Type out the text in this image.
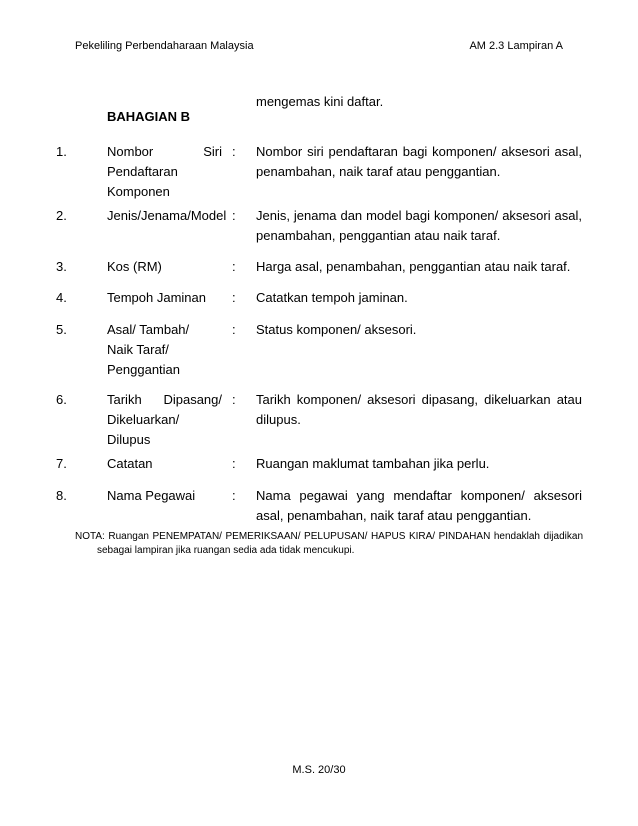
Pekeliling Perbendaharaan Malaysia	AM 2.3 Lampiran A
mengemas kini daftar.
BAHAGIAN B
1.	Nombor Siri
Pendaftaran
Komponen
: Nombor siri pendaftaran bagi komponen/ aksesori asal, penambahan, naik taraf atau penggantian.
2.	Jenis/Jenama/Model : Jenis, jenama dan model bagi komponen/ aksesori asal, penambahan, penggantian atau naik taraf.
3.	Kos (RM)	: Harga asal, penambahan, penggantian atau naik taraf.
4.	Tempoh Jaminan	: Catatkan tempoh jaminan.
5.	Asal/ Tambah/
Naik Taraf/
Penggantian
: Status komponen/ aksesori.
6.	Tarikh Dipasang/
Dikeluarkan/ Dilupus
: Tarikh komponen/ aksesori dipasang, dikeluarkan atau dilupus.
7.	Catatan	: Ruangan maklumat tambahan jika perlu.
8.	Nama Pegawai	: Nama pegawai yang mendaftar komponen/ aksesori asal, penambahan, naik taraf atau penggantian.
NOTA: Ruangan PENEMPATAN/ PEMERIKSAAN/ PELUPUSAN/ HAPUS KIRA/ PINDAHAN hendaklah dijadikan
sebagai lampiran jika ruangan sedia ada tidak mencukupi.
M.S. 20/30
